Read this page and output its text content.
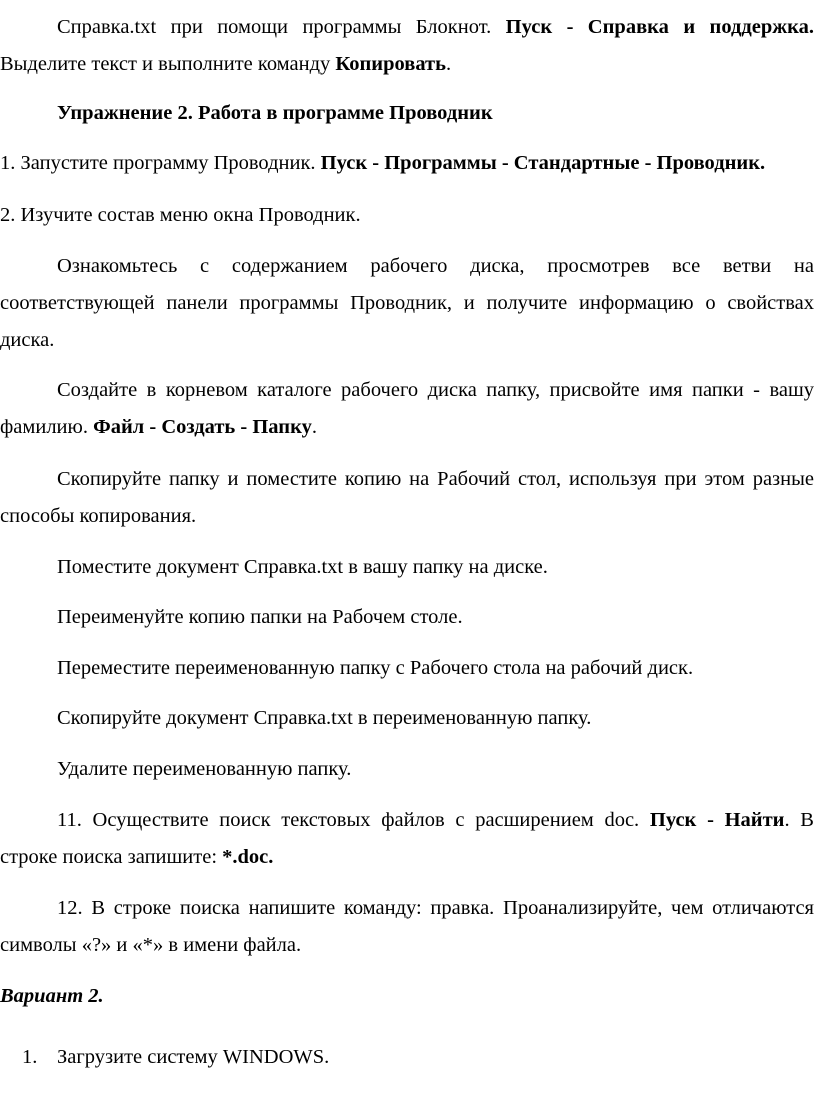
Справка.txt при помощи программы Блокнот. Пуск - Справка и поддержка. Выделите текст и выполните команду Копировать.

Упражнение 2. Работа в программе Проводник

1. Запустите программу Проводник. Пуск - Программы - Стандартные - Проводник.

2. Изучите состав меню окна Проводник.

Ознакомьтесь с содержанием рабочего диска, просмотрев все ветви на соответствующей панели программы Проводник, и получите информацию о свойствах диска.

Создайте в корневом каталоге рабочего диска папку, присвойте имя папки - вашу фамилию. Файл - Создать - Папку.

Скопируйте папку и поместите копию на Рабочий стол, используя при этом разные способы копирования.

Поместите документ Справка.txt в вашу папку на диске.

Переименуйте копию папки на Рабочем столе.

Переместите переименованную папку с Рабочего стола на рабочий диск.

Скопируйте документ Справка.txt в переименованную папку.

Удалите переименованную папку.

11. Осуществите поиск текстовых файлов с расширением doc. Пуск - Найти. В строке поиска запишите: *.doc.

12. В строке поиска напишите команду: правка. Проанализируйте, чем отличаются символы «?» и «*» в имени файла.

Вариант 2.

1. Загрузите систему WINDOWS.
